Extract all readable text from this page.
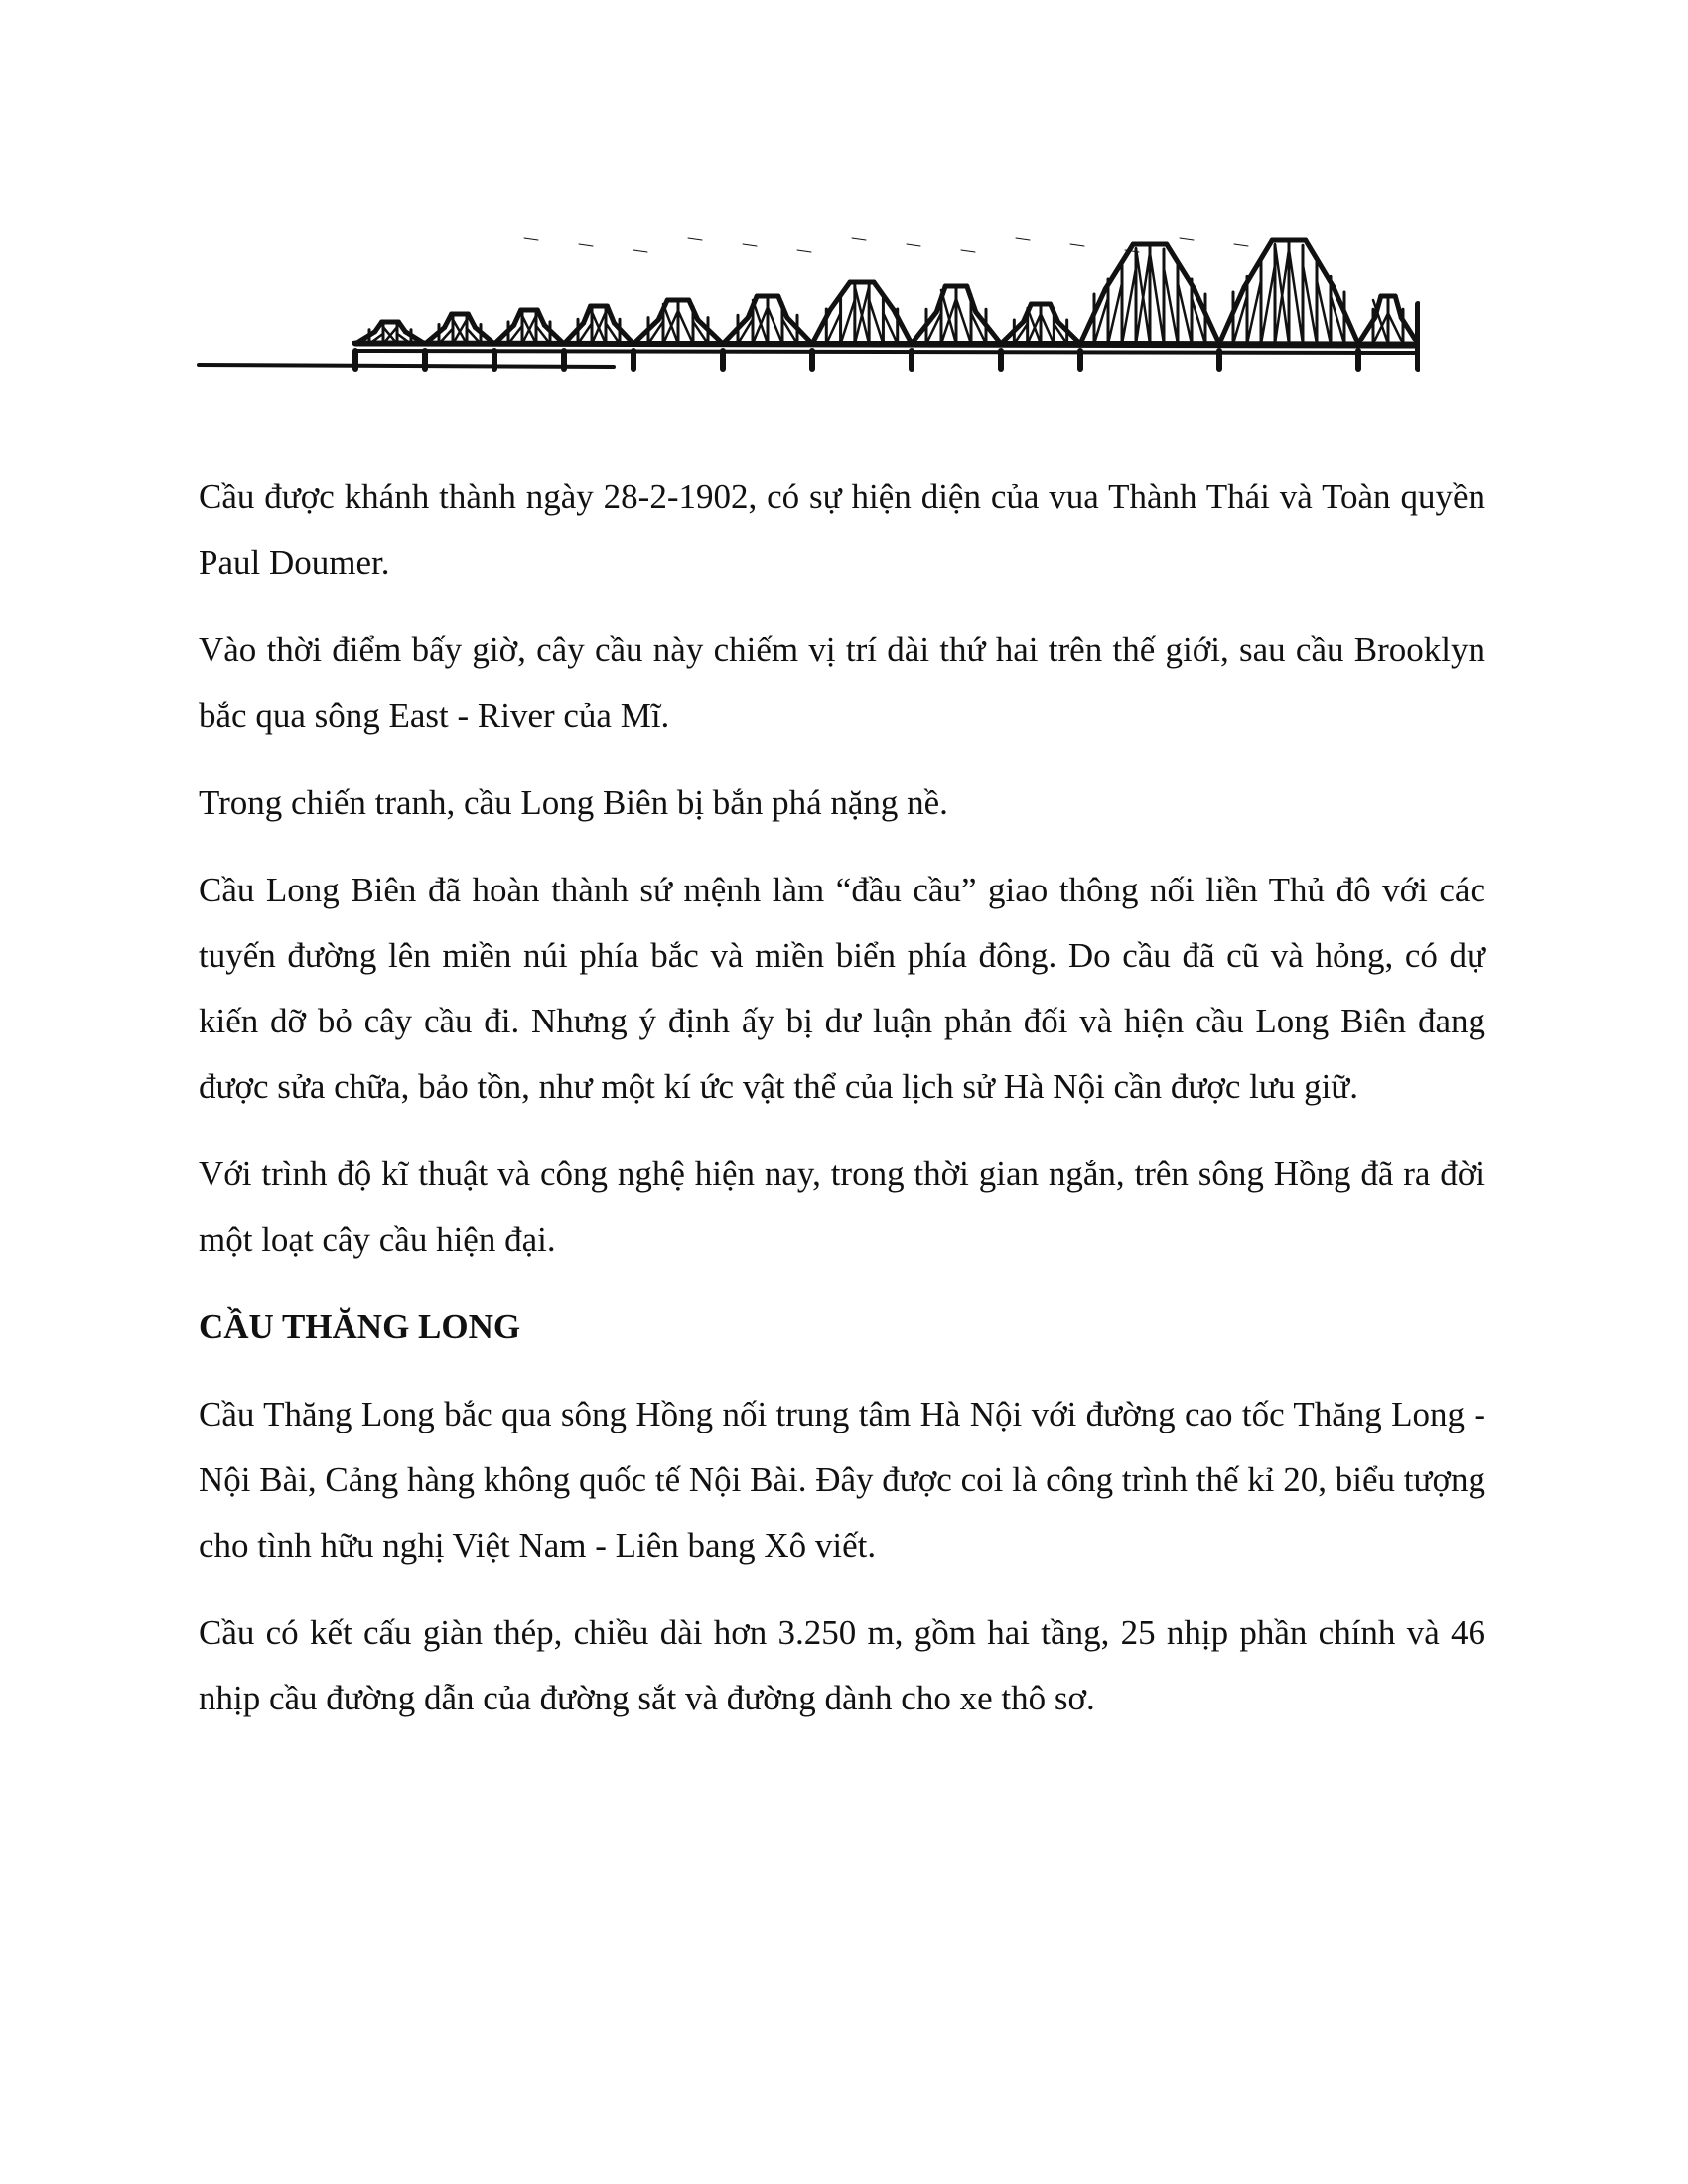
Cầu được khánh thành ngày 28-2-1902, có sự hiện diện của vua Thành Thái và Toàn quyền Paul Doumer.

Vào thời điểm bấy giờ, cây cầu này chiếm vị trí dài thứ hai trên thế giới, sau cầu Brooklyn bắc qua sông East - River của Mĩ.

Trong chiến tranh, cầu Long Biên bị bắn phá nặng nề.

Cầu Long Biên đã hoàn thành sứ mệnh làm “đầu cầu” giao thông nối liền Thủ đô với các tuyến đường lên miền núi phía bắc và miền biển phía đông. Do cầu đã cũ và hỏng, có dự kiến dỡ bỏ cây cầu đi. Nhưng ý định ấy bị dư luận phản đối và hiện cầu Long Biên đang được sửa chữa, bảo tồn, như một kí ức vật thể của lịch sử Hà Nội cần được lưu giữ.

Với trình độ kĩ thuật và công nghệ hiện nay, trong thời gian ngắn, trên sông Hồng đã ra đời một loạt cây cầu hiện đại.

CẦU THĂNG LONG

Cầu Thăng Long bắc qua sông Hồng nối trung tâm Hà Nội với đường cao tốc Thăng Long - Nội Bài, Cảng hàng không quốc tế Nội Bài. Đây được coi là công trình thế kỉ 20, biểu tượng cho tình hữu nghị Việt Nam - Liên bang Xô viết.

Cầu có kết cấu giàn thép, chiều dài hơn 3.250 m, gồm hai tầng, 25 nhịp phần chính và 46 nhịp cầu đường dẫn của đường sắt và đường dành cho xe thô sơ.
